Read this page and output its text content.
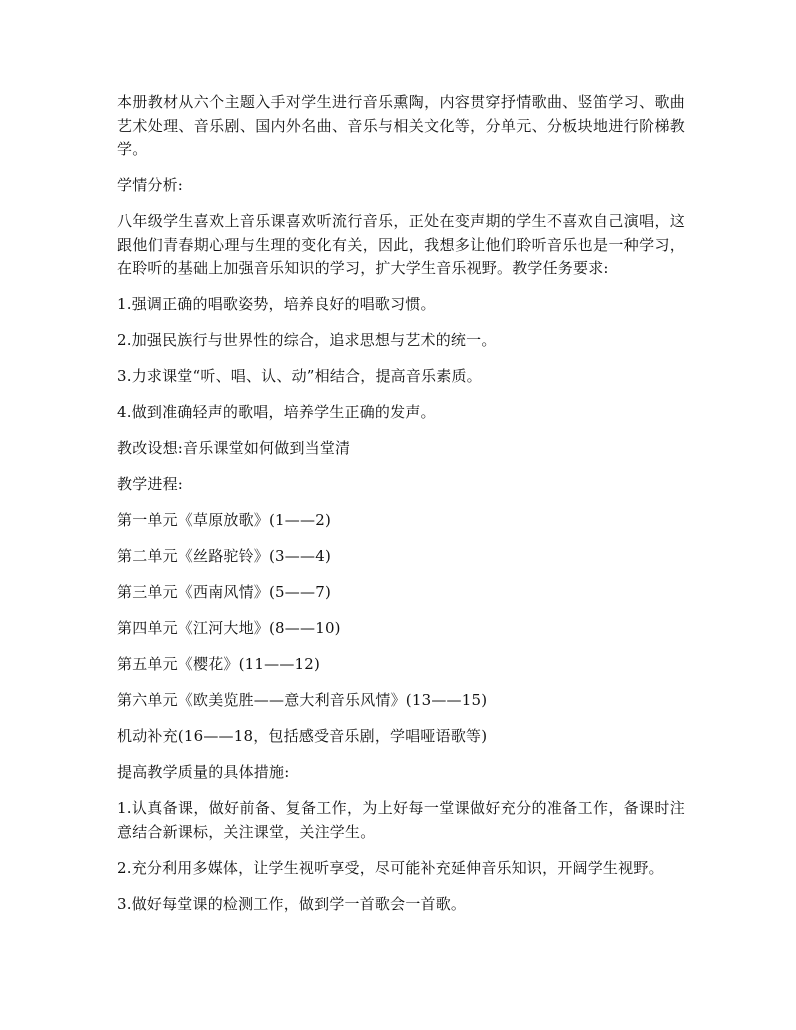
本册教材从六个主题入手对学生进行音乐熏陶，内容贯穿抒情歌曲、竖笛学习、歌曲艺术处理、音乐剧、国内外名曲、音乐与相关文化等，分单元、分板块地进行阶梯教学。

学情分析:

八年级学生喜欢上音乐课喜欢听流行音乐，正处在变声期的学生不喜欢自己演唱，这跟他们青春期心理与生理的变化有关，因此，我想多让他们聆听音乐也是一种学习，在聆听的基础上加强音乐知识的学习，扩大学生音乐视野。教学任务要求:

1.强调正确的唱歌姿势，培养良好的唱歌习惯。

2.加强民族行与世界性的综合，追求思想与艺术的统一。

3.力求课堂“听、唱、认、动”相结合，提高音乐素质。

4.做到准确轻声的歌唱，培养学生正确的发声。

教改设想:音乐课堂如何做到当堂清

教学进程:

第一单元《草原放歌》(1——2)

第二单元《丝路驼铃》(3——4)

第三单元《西南风情》(5——7)

第四单元《江河大地》(8——10)

第五单元《樱花》(11——12)

第六单元《欧美览胜——意大利音乐风情》(13——15)

机动补充(16——18，包括感受音乐剧，学唱哑语歌等)

提高教学质量的具体措施:

1.认真备课，做好前备、复备工作，为上好每一堂课做好充分的准备工作，备课时注意结合新课标，关注课堂，关注学生。

2.充分利用多媒体，让学生视听享受，尽可能补充延伸音乐知识，开阔学生视野。

3.做好每堂课的检测工作，做到学一首歌会一首歌。
